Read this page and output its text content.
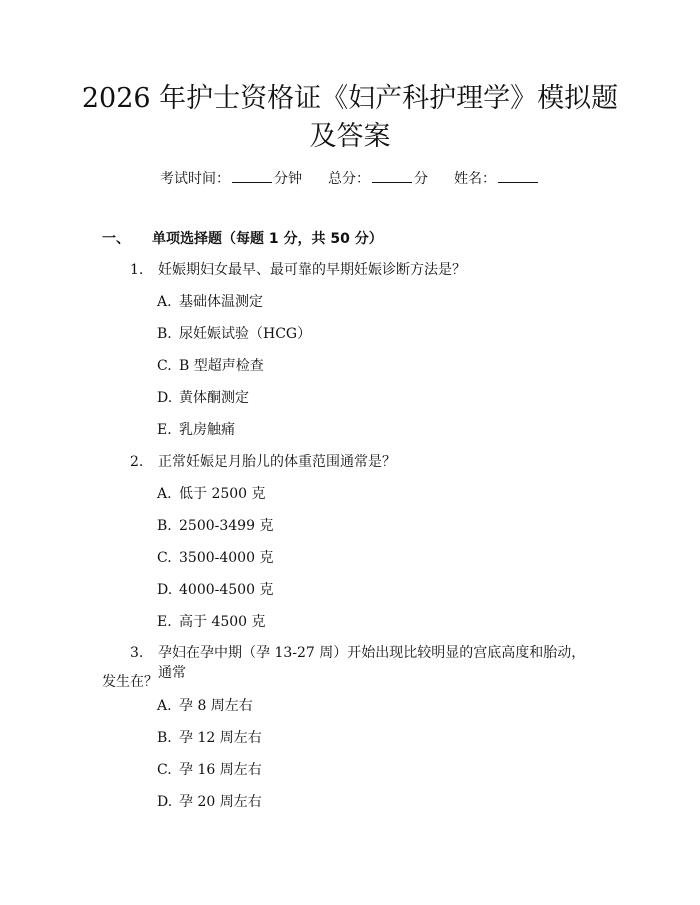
2026 年护士资格证《妇产科护理学》模拟题
及答案
考试时间：	分钟 总分：	分 姓名：
一、 单项选择题（每题 1 分，共 50 分）
1. 妊娠期妇女最早、最可靠的早期妊娠诊断方法是？
A. 基础体温测定
B. 尿妊娠试验（HCG）
C. B 型超声检查
D. 黄体酮测定
E. 乳房触痛
2. 正常妊娠足月胎儿的体重范围通常是？
A. 低于 2500 克
B. 2500-3499 克
C. 3500-4000 克
D. 4000-4500 克
E. 高于 4500 克
3. 孕妇在孕中期（孕 13-27 周）开始出现比较明显的宫底高度和胎动，通常
发生在？
A. 孕 8 周左右
B. 孕 12 周左右
C. 孕 16 周左右
D. 孕 20 周左右
